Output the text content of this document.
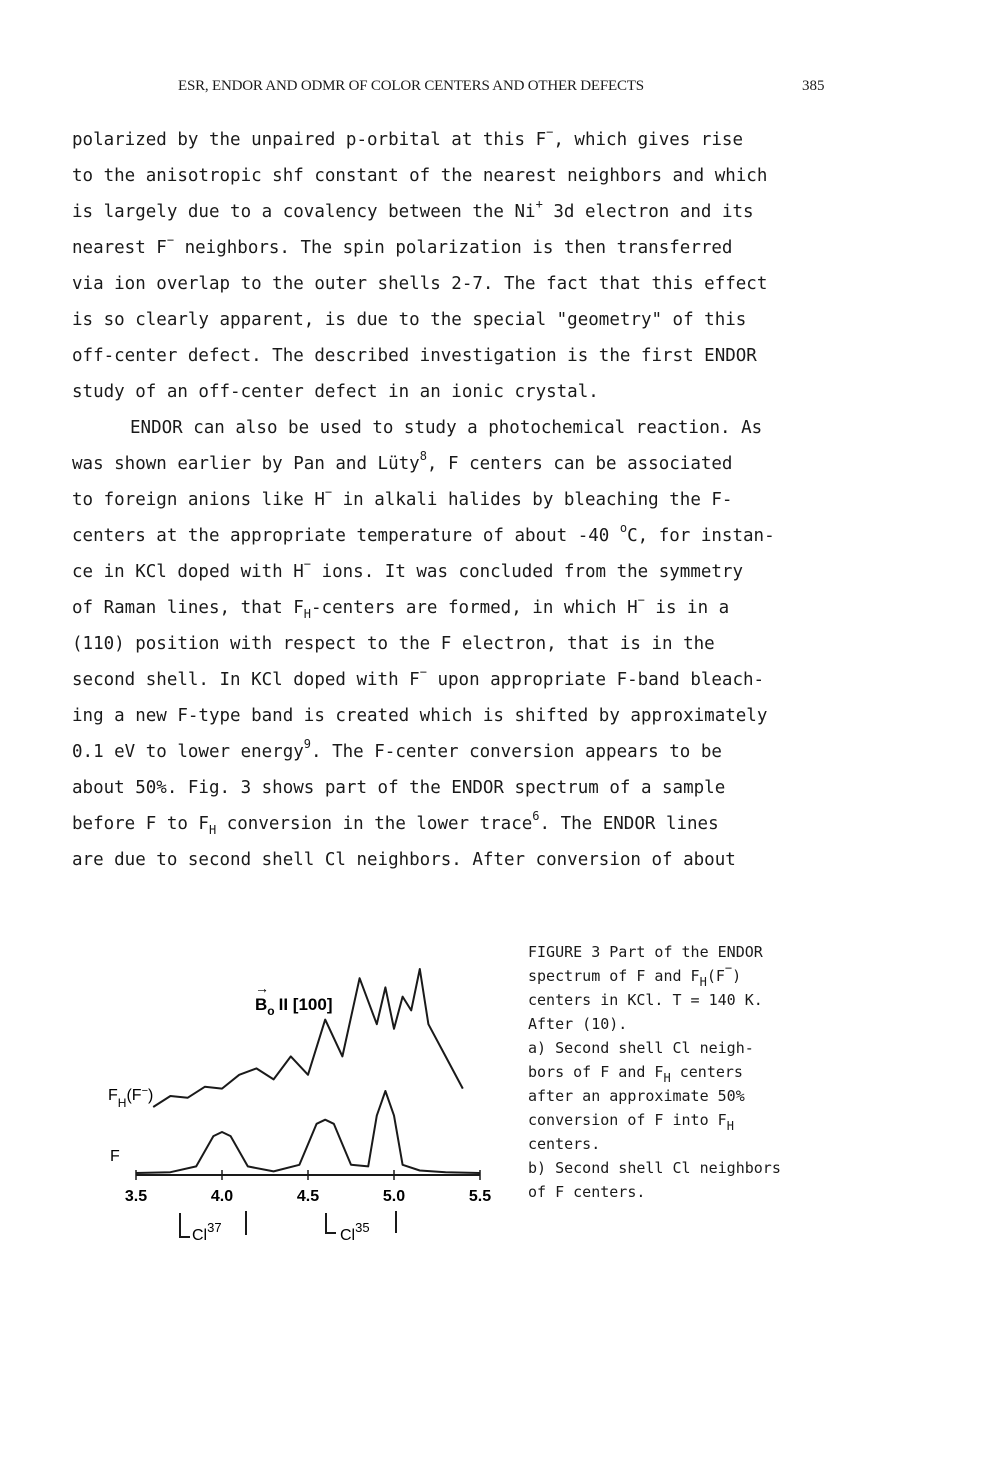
ESR, ENDOR AND ODMR OF COLOR CENTERS AND OTHER DEFECTS	385
polarized by the unpaired p-orbital at this F−, which gives rise
to the anisotropic shf constant of the nearest neighbors and which
is largely due to a covalency between the Ni+ 3d electron and its
nearest F− neighbors. The spin polarization is then transferred
via ion overlap to the outer shells 2-7. The fact that this effect
is so clearly apparent, is due to the special "geometry" of this
off-center defect. The described investigation is the first ENDOR
study of an off-center defect in an ionic crystal.
ENDOR can also be used to study a photochemical reaction. As
was shown earlier by Pan and Lüty$^8$, F centers can be associated
to foreign anions like H− in alkali halides by bleaching the F-
centers at the appropriate temperature of about -40 $^o$C, for instan-
ce in KCl doped with H− ions. It was concluded from the symmetry
of Raman lines, that $F_H$-centers are formed, in which H− is in a
(110) position with respect to the F electron, that is in the
second shell. In KCl doped with F− upon appropriate F-band bleach-
ing a new F-type band is created which is shifted by approximately
0.1 eV to lower energy$^9$. The F-center conversion appears to be
about 50%. Fig. 3 shows part of the ENDOR spectrum of a sample
before F to $F_H$ conversion in the lower trace$^6$. The ENDOR lines
are due to second shell Cl neighbors. After conversion of about
3.5	4.0	4.5	5.0	5.5
$B_o$ II [100]
→
$F_H(F^-)$
F
Cl$^{37}$	Cl$^{35}$
FIGURE 3 Part of the ENDOR
spectrum of F and $F_H(F^-)$
centers in KCl. T = 140 K.
After (10).
a) Second shell Cl neigh-
bors of F and $F_H$ centers
after an approximate 50%
conversion of F into $F_H$
centers.
b) Second shell Cl neighbors
of F centers.
